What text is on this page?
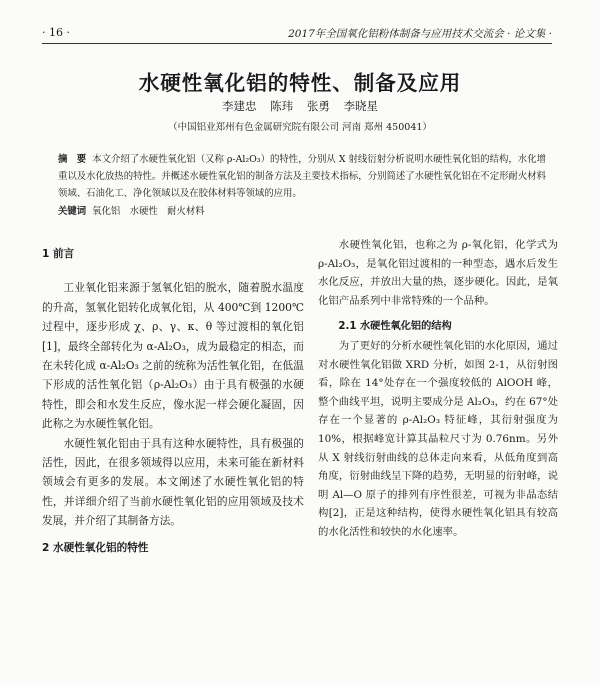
· 16 ·	2017年全国氧化铝粉体制备与应用技术交流会 · 论文集 ·
水硬性氧化铝的特性、制备及应用
李建忠 陈玮 张勇 李晓星
（中国铝业郑州有色金属研究院有限公司 河南 郑州 450041）
摘　要 本文介绍了水硬性氧化铝（又称 ρ-Al₂O₃）的特性，分别从 X 射线衍射分析说明水硬性氧化铝的结构，水化增重以及水化放热的特性。并概述水硬性氧化铝的制备方法及主要技术指标，分别简述了水硬性氧化铝在不定形耐火材料领域、石油化工、净化领域以及在胶体材料等领域的应用。
关键词 氧化铝　水硬性　耐火材料

1 前言

工业氧化铝来源于氢氧化铝的脱水，随着脱水温度的升高，氢氧化铝转化成氧化铝，从 400℃到 1200℃过程中，逐步形成 χ、ρ、γ、κ、θ 等过渡相的氧化铝[1]，最终全部转化为 α-Al₂O₃，成为最稳定的相态，而在未转化成 α-Al₂O₃ 之前的统称为活性氧化铝，在低温下形成的活性氧化铝（ρ-Al₂O₃）由于具有极强的水硬特性，即会和水发生反应，像水泥一样会硬化凝固，因此称之为水硬性氧化铝。

水硬性氧化铝由于具有这种水硬特性，具有极强的活性，因此，在很多领域得以应用，未来可能在新材料领域会有更多的发展。本文阐述了水硬性氧化铝的特性，并详细介绍了当前水硬性氧化铝的应用领域及技术发展，并介绍了其制备方法。

2 水硬性氧化铝的特性

水硬性氧化铝，也称之为 ρ-氧化铝，化学式为 ρ-Al₂O₃，是氧化铝过渡相的一种型态，遇水后发生水化反应，并放出大量的热，逐步硬化。因此，是氧化铝产品系列中非常特殊的一个品种。

2.1 水硬性氧化铝的结构

为了更好的分析水硬性氧化铝的水化原因，通过对水硬性氧化铝做 XRD 分析，如图 2-1，从衍射图看，除在 14°处存在一个强度较低的 AlOOH 峰，整个曲线平坦，说明主要成分是 Al₂O₃，约在 67°处存在一个显著的 ρ-Al₂O₃ 特征峰，其衍射强度为 10%，根据峰宽计算其晶粒尺寸为 0.76nm。另外从 X 射线衍射曲线的总体走向来看，从低角度到高角度，衍射曲线呈下降的趋势，无明显的衍射峰，说明 Al—O 原子的排列有序性很差，可视为非晶态结构[2]，正是这种结构，使得水硬性氧化铝具有较高的水化活性和较快的水化速率。
